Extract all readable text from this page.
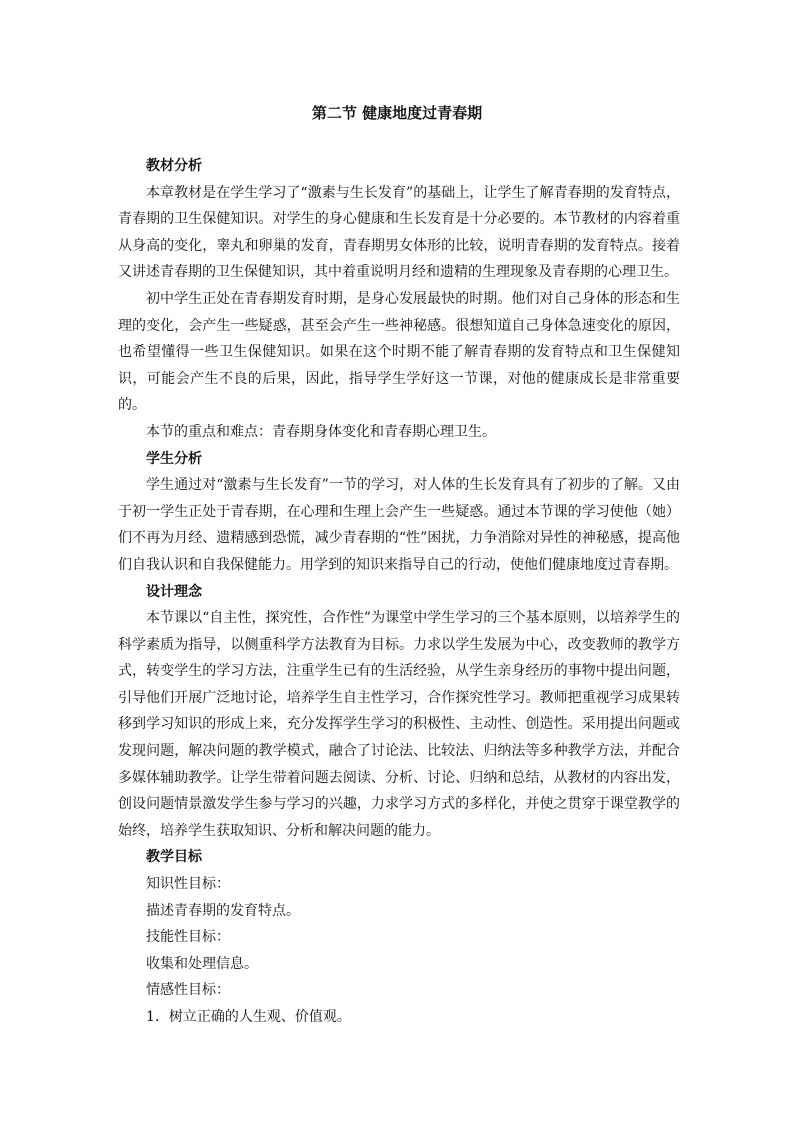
第二节 健康地度过青春期

教材分析

本章教材是在学生学习了“激素与生长发育”的基础上，让学生了解青春期的发育特点，青春期的卫生保健知识。对学生的身心健康和生长发育是十分必要的。本节教材的内容着重从身高的变化，睾丸和卵巢的发育，青春期男女体形的比较，说明青春期的发育特点。接着又讲述青春期的卫生保健知识，其中着重说明月经和遗精的生理现象及青春期的心理卫生。

初中学生正处在青春期发育时期，是身心发展最快的时期。他们对自己身体的形态和生理的变化，会产生一些疑惑，甚至会产生一些神秘感。很想知道自己身体急速变化的原因，也希望懂得一些卫生保健知识。如果在这个时期不能了解青春期的发育特点和卫生保健知识，可能会产生不良的后果，因此，指导学生学好这一节课，对他的健康成长是非常重要的。

本节的重点和难点：青春期身体变化和青春期心理卫生。

学生分析

学生通过对“激素与生长发育”一节的学习，对人体的生长发育具有了初步的了解。又由于初一学生正处于青春期，在心理和生理上会产生一些疑惑。通过本节课的学习使他（她）们不再为月经、遗精感到恐慌，减少青春期的“性”困扰，力争消除对异性的神秘感，提高他们自我认识和自我保健能力。用学到的知识来指导自己的行动，使他们健康地度过青春期。

设计理念

本节课以“自主性，探究性，合作性”为课堂中学生学习的三个基本原则，以培养学生的科学素质为指导，以侧重科学方法教育为目标。力求以学生发展为中心，改变教师的教学方式，转变学生的学习方法，注重学生已有的生活经验，从学生亲身经历的事物中提出问题，引导他们开展广泛地讨论，培养学生自主性学习，合作探究性学习。教师把重视学习成果转移到学习知识的形成上来，充分发挥学生学习的积极性、主动性、创造性。采用提出问题或发现问题，解决问题的教学模式，融合了讨论法、比较法、归纳法等多种教学方法，并配合多媒体辅助教学。让学生带着问题去阅读、分析、讨论、归纳和总结，从教材的内容出发，创设问题情景激发学生参与学习的兴趣，力求学习方式的多样化，并使之贯穿于课堂教学的始终，培养学生获取知识、分析和解决问题的能力。

教学目标

知识性目标：

描述青春期的发育特点。

技能性目标：

收集和处理信息。

情感性目标：

1．树立正确的人生观、价值观。
